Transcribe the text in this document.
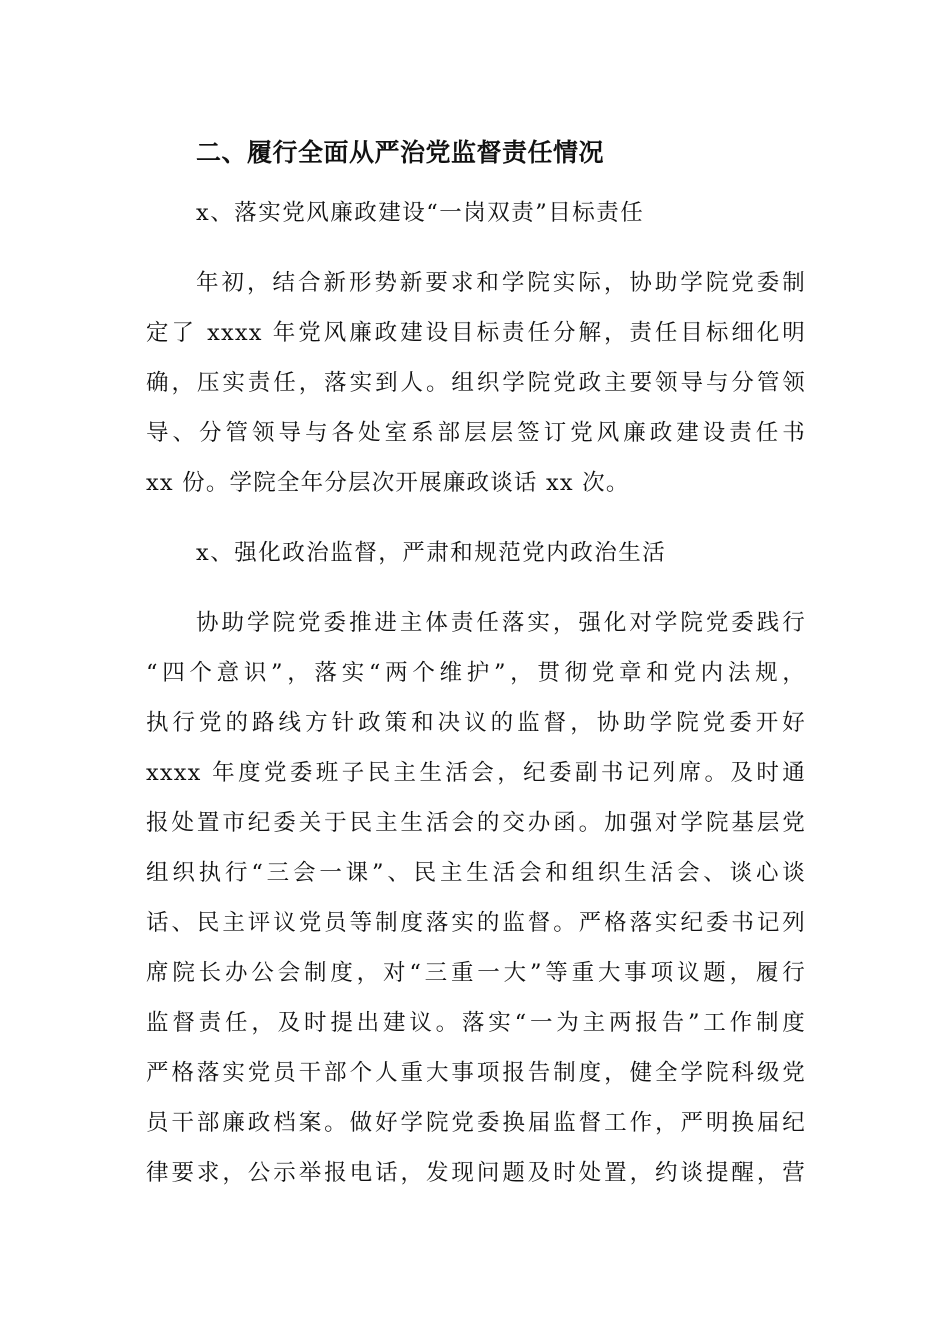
二、履行全面从严治党监督责任情况
x、落实党风廉政建设“一岗双责”目标责任
年初，结合新形势新要求和学院实际，协助学院党委制
定了 xxxx 年党风廉政建设目标责任分解，责任目标细化明
确，压实责任，落实到人。组织学院党政主要领导与分管领
导、分管领导与各处室系部层层签订党风廉政建设责任书
xx 份。学院全年分层次开展廉政谈话 xx 次。
x、强化政治监督，严肃和规范党内政治生活
协助学院党委推进主体责任落实，强化对学院党委践行
“四个意识”，落实“两个维护”，贯彻党章和党内法规，
执行党的路线方针政策和决议的监督，协助学院党委开好
xxxx 年度党委班子民主生活会，纪委副书记列席。及时通
报处置市纪委关于民主生活会的交办函。加强对学院基层党
组织执行“三会一课”、民主生活会和组织生活会、谈心谈
话、民主评议党员等制度落实的监督。严格落实纪委书记列
席院长办公会制度，对“三重一大”等重大事项议题，履行
监督责任，及时提出建议。落实“一为主两报告”工作制度
严格落实党员干部个人重大事项报告制度，健全学院科级党
员干部廉政档案。做好学院党委换届监督工作，严明换届纪
律要求，公示举报电话，发现问题及时处置，约谈提醒，营
